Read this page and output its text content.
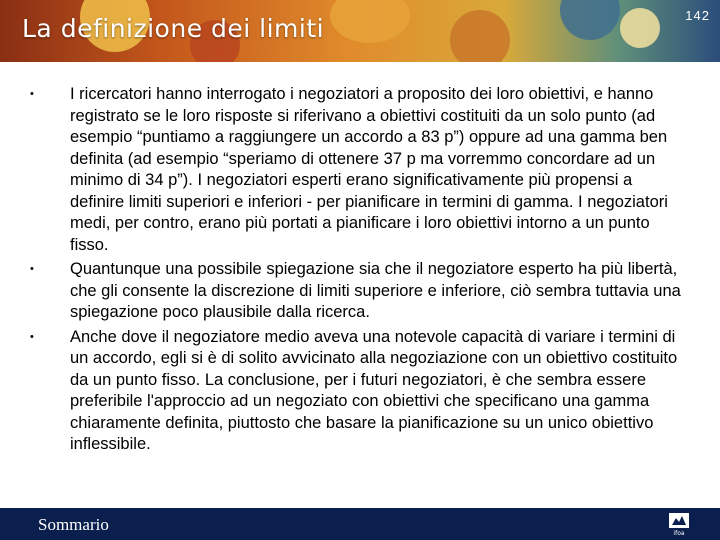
La definizione dei limiti	142
•	I ricercatori hanno interrogato i negoziatori a proposito dei loro obiettivi, e hanno registrato se le loro risposte si riferivano a obiettivi costituiti da un solo punto (ad esempio “puntiamo a raggiungere un accordo a 83 p”) oppure ad una gamma ben definita (ad esempio “speriamo di ottenere 37 p ma vorremmo concordare ad un minimo di 34 p”). I negoziatori esperti erano significativamente più propensi a definire limiti superiori e inferiori - per pianificare in termini di gamma. I negoziatori medi, per contro, erano più portati a pianificare i loro obiettivi intorno a un punto fisso.
•	Quantunque una possibile spiegazione sia che il negoziatore esperto ha più libertà, che gli consente la discrezione di limiti superiore e inferiore, ciò sembra tuttavia una spiegazione poco plausibile dalla ricerca.
•	Anche dove il negoziatore medio aveva una notevole capacità di variare i termini di un accordo, egli si è di solito avvicinato alla negoziazione con un obiettivo costituito da un punto fisso. La conclusione, per i futuri negoziatori, è che sembra essere preferibile l'approccio ad un negoziato con obiettivi che specificano una gamma chiaramente definita, piuttosto che basare la pianificazione su un unico obiettivo inflessibile.
Sommario	ifoa
